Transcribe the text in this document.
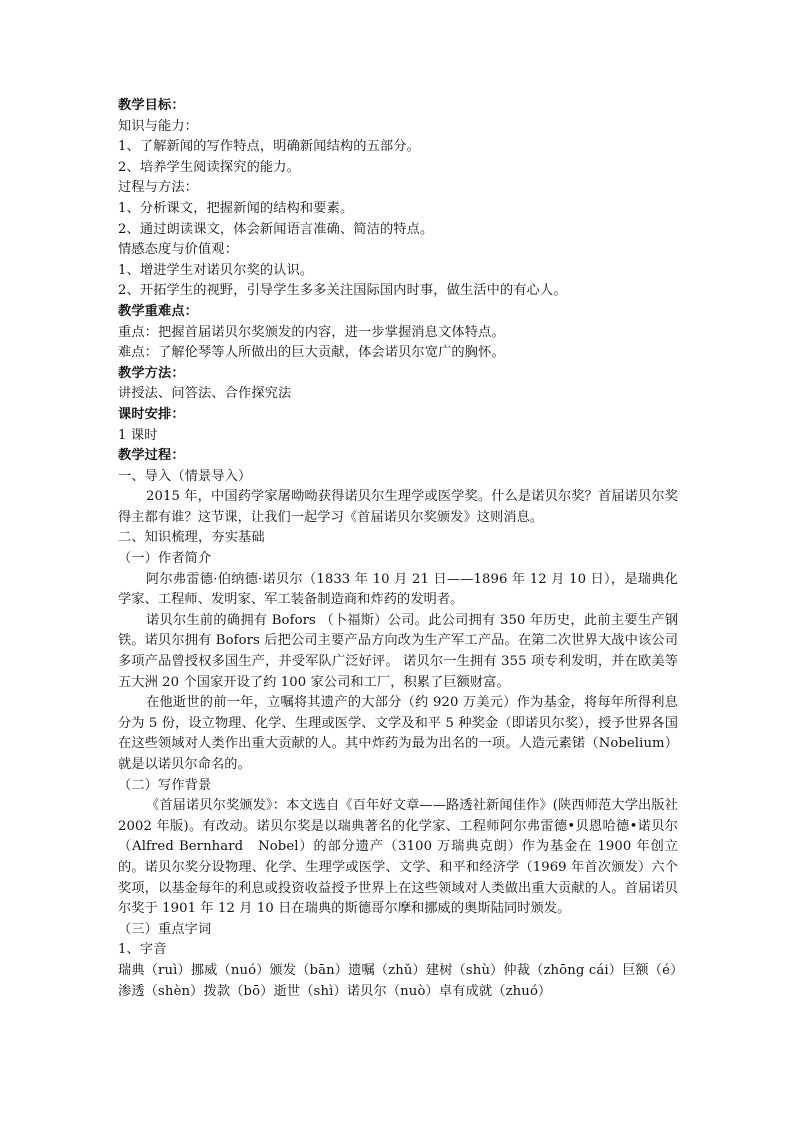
教学目标：
知识与能力：
1、了解新闻的写作特点，明确新闻结构的五部分。
2、培养学生阅读探究的能力。
过程与方法：
1、分析课文，把握新闻的结构和要素。
2、通过朗读课文，体会新闻语言准确、简洁的特点。
情感态度与价值观：
1、增进学生对诺贝尔奖的认识。
2、开拓学生的视野，引导学生多多关注国际国内时事，做生活中的有心人。
教学重难点：
重点：把握首届诺贝尔奖颁发的内容，进一步掌握消息文体特点。
难点：了解伦琴等人所做出的巨大贡献，体会诺贝尔宽广的胸怀。
教学方法：
讲授法、问答法、合作探究法
课时安排：
1 课时
教学过程：
一、导入（情景导入）
2015 年，中国药学家屠呦呦获得诺贝尔生理学或医学奖。什么是诺贝尔奖？首届诺贝尔奖得主都有谁？这节课，让我们一起学习《首届诺贝尔奖颁发》这则消息。
二、知识梳理，夯实基础
（一）作者简介
阿尔弗雷德·伯纳德·诺贝尔（1833 年 10 月 21 日——1896 年 12 月 10 日），是瑞典化学家、工程师、发明家、军工装备制造商和炸药的发明者。
诺贝尔生前的确拥有 Bofors （卜福斯）公司。此公司拥有 350 年历史，此前主要生产钢铁。诺贝尔拥有 Bofors 后把公司主要产品方向改为生产军工产品。在第二次世界大战中该公司多项产品曾授权多国生产，并受军队广泛好评。 诺贝尔一生拥有 355 项专利发明，并在欧美等五大洲 20 个国家开设了约 100 家公司和工厂，积累了巨额财富。
在他逝世的前一年，立嘱将其遗产的大部分（约 920 万美元）作为基金，将每年所得利息分为 5 份，设立物理、化学、生理或医学、文学及和平 5 种奖金（即诺贝尔奖），授予世界各国在这些领域对人类作出重大贡献的人。其中炸药为最为出名的一项。人造元素锘（Nobelium）就是以诺贝尔命名的。
（二）写作背景
《首届诺贝尔奖颁发》：本文选自《百年好文章——路透社新闻佳作》(陕西师范大学出版社 2002 年版)。有改动。诺贝尔奖是以瑞典著名的化学家、工程师阿尔弗雷德•贝恩哈德•诺贝尔（Alfred Bernhard　Nobel）的部分遗产（3100 万瑞典克朗）作为基金在 1900 年创立的。诺贝尔奖分设物理、化学、生理学或医学、文学、和平和经济学（1969 年首次颁发）六个奖项，以基金每年的利息或投资收益授予世界上在这些领域对人类做出重大贡献的人。首届诺贝尔奖于 1901 年 12 月 10 日在瑞典的斯德哥尔摩和挪威的奥斯陆同时颁发。
（三）重点字词
1、字音
瑞典（ruì）挪威（nuó）颁发（bān）遗嘱（zhǔ）建树（shù）仲裁（zhōng cái）巨额（é）
渗透（shèn）拨款（bō）逝世（shì）诺贝尔（nuò）卓有成就（zhuó）
